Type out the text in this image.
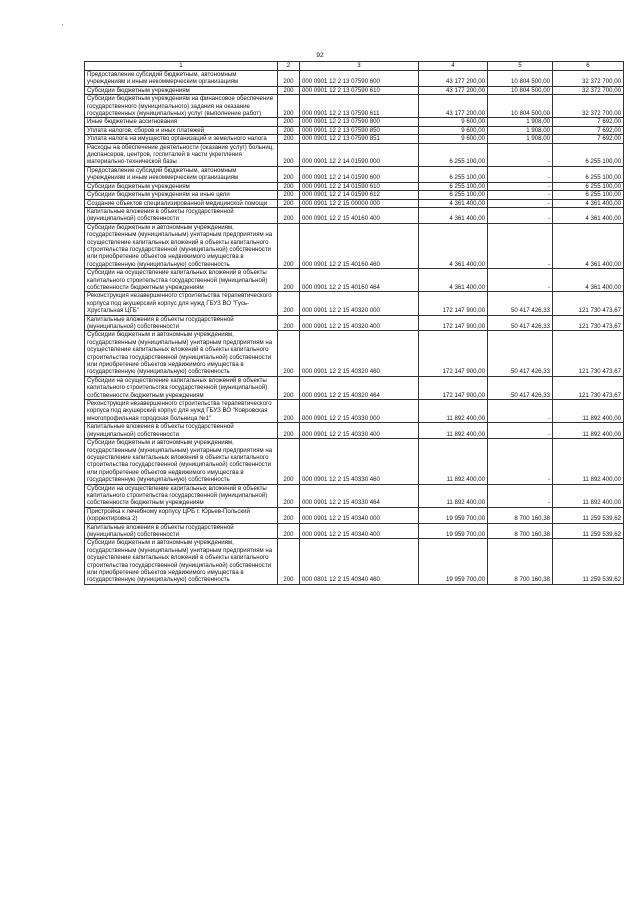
'
92
1	2	3	4	5	6
Предоставление субсидий бюджетным, автономным учреждениям и иным некоммерческим организациям	200	000 0901 12 2 13 07590 600	43 177 200,00	10 804 500,00	32 372 700,00
Субсидии бюджетным учреждениям	200	000 0901 12 2 13 07590 610	43 177 200,00	10 804 500,00	32 372 700,00
Субсидии бюджетным учреждениям на финансовое обеспечение государственного (муниципального) задания на оказание государственных (муниципальных) услуг (выполнение работ)	200	000 0901 12 2 13 07590 611	43 177 200,00	10 804 500,00	32 372 700,00
Иные бюджетные ассигнования	200	000 0901 12 2 13 07590 800	9 600,00	1 908,00	7 692,00
Уплата налогов, сборов и иных платежей	200	000 0901 12 2 13 07590 850	9 600,00	1 908,00	7 692,00
Уплата налога на имущество организаций и земельного налога	200	000 0901 12 2 13 07590 851	9 600,00	1 908,00	7 692,00
Расходы на обеспечение деятельности (оказание услуг) больниц, диспансеров, центров, госпиталей в части укрепления материально-технической базы	200	000 0901 12 2 14 01590 000	6 255 100,00	-	6 255 100,00
Предоставление субсидий бюджетным, автономным учреждениям и иным некоммерческим организациям	200	000 0901 12 2 14 01590 600	6 255 100,00	-	6 255 100,00
Субсидии бюджетным учреждениям	200	000 0901 12 2 14 01590 610	6 255 100,00	-	6 255 100,00
Субсидии бюджетным учреждениям на иные цели	200	000 0901 12 2 14 01590 612	6 255 100,00	-	6 255 100,00
Создание объектов специализированной медицинской помощи	200	000 0901 12 2 15 00000 000	4 361 400,00	-	4 361 400,00
Капитальные вложения в объекты государственной (муниципальной) собственности	200	000 0901 12 2 15 40160 400	4 361 400,00	-	4 361 400,00
Субсидии бюджетным и автономным учреждениям, государственным (муниципальным) унитарным предприятиям на осуществление капитальных вложений в объекты капитального строительства государственной (муниципальной) собственности или приобретение объектов недвижимого имущества в государственную (муниципальную) собственность	200	000 0901 12 2 15 40160 460	4 361 400,00	-	4 361 400,00
Субсидии на осуществление капитальных вложений в объекты капитального строительства государственной (муниципальной) собственности бюджетным учреждениям	200	000 0901 12 2 15 40160 464	4 361 400,00	-	4 361 400,00
Реконструкция незавершенного строительства терапевтического корпуса под акушерский корпус для нужд ГБУЗ ВО "Гусь-Хрустальная ЦГБ"	200	000 0901 12 2 15 40320 000	172 147 900,00	50 417 426,33	121 730 473,67
Капитальные вложения в объекты государственной (муниципальной) собственности	200	000 0901 12 2 15 40320 400	172 147 900,00	50 417 426,33	121 730 473,67
Субсидии бюджетным и автономным учреждениям, государственным (муниципальным) унитарным предприятиям на осуществление капитальных вложений в объекты капитального строительства государственной (муниципальной) собственности или приобретение объектов недвижимого имущества в государственную (муниципальную) собственность	200	000 0901 12 2 15 40320 460	172 147 900,00	50 417 426,33	121 730 473,67
Субсидии на осуществление капитальных вложений в объекты капитального строительства государственной (муниципальной) собственности бюджетным учреждениям	200	000 0901 12 2 15 40320 464	172 147 900,00	50 417 426,33	121 730 473,67
Реконструкция незавершенного строительства терапевтического корпуса под акушерский корпус для нужд ГБУЗ ВО "Ковровская многопрофильная городская больница №1"	200	000 0901 12 2 15 40330 000	11 892 400,00	-	11 892 400,00
Капитальные вложения в объекты государственной (муниципальной) собственности	200	000 0901 12 2 15 40330 400	11 892 400,00	-	11 892 400,00
Субсидии бюджетным и автономным учреждениям, государственным (муниципальным) унитарным предприятиям на осуществление капитальных вложений в объекты капитального строительства государственной (муниципальной) собственности или приобретение объектов недвижимого имущества в государственную (муниципальную) собственность	200	000 0901 12 2 15 40330 460	11 892 400,00	-	11 892 400,00
Субсидии на осуществление капитальных вложений в объекты капитального строительства государственной (муниципальной) собственности бюджетным учреждениям	200	000 0901 12 2 15 40330 464	11 892 400,00	-	11 892 400,00
Пристройка к лечебному корпусу ЦРБ г. Юрьев-Польский (корректировка 2)	200	000 0901 12 2 15 40340 000	19 959 700,00	8 700 160,38	11 259 539,62
Капитальные вложения в объекты государственной (муниципальной) собственности	200	000 0901 12 2 15 40340 400	19 959 700,00	8 700 160,38	11 259 539,62
Субсидии бюджетным и автономным учреждениям, государственным (муниципальным) унитарным предприятиям на осуществление капитальных вложений в объекты капитального строительства государственной (муниципальной) собственности или приобретение объектов недвижимого имущества в государственную (муниципальную) собственность	200	000 0801 12 2 15 40340 460	19 959 700,00	8 700 160,38	11 259 539,62
